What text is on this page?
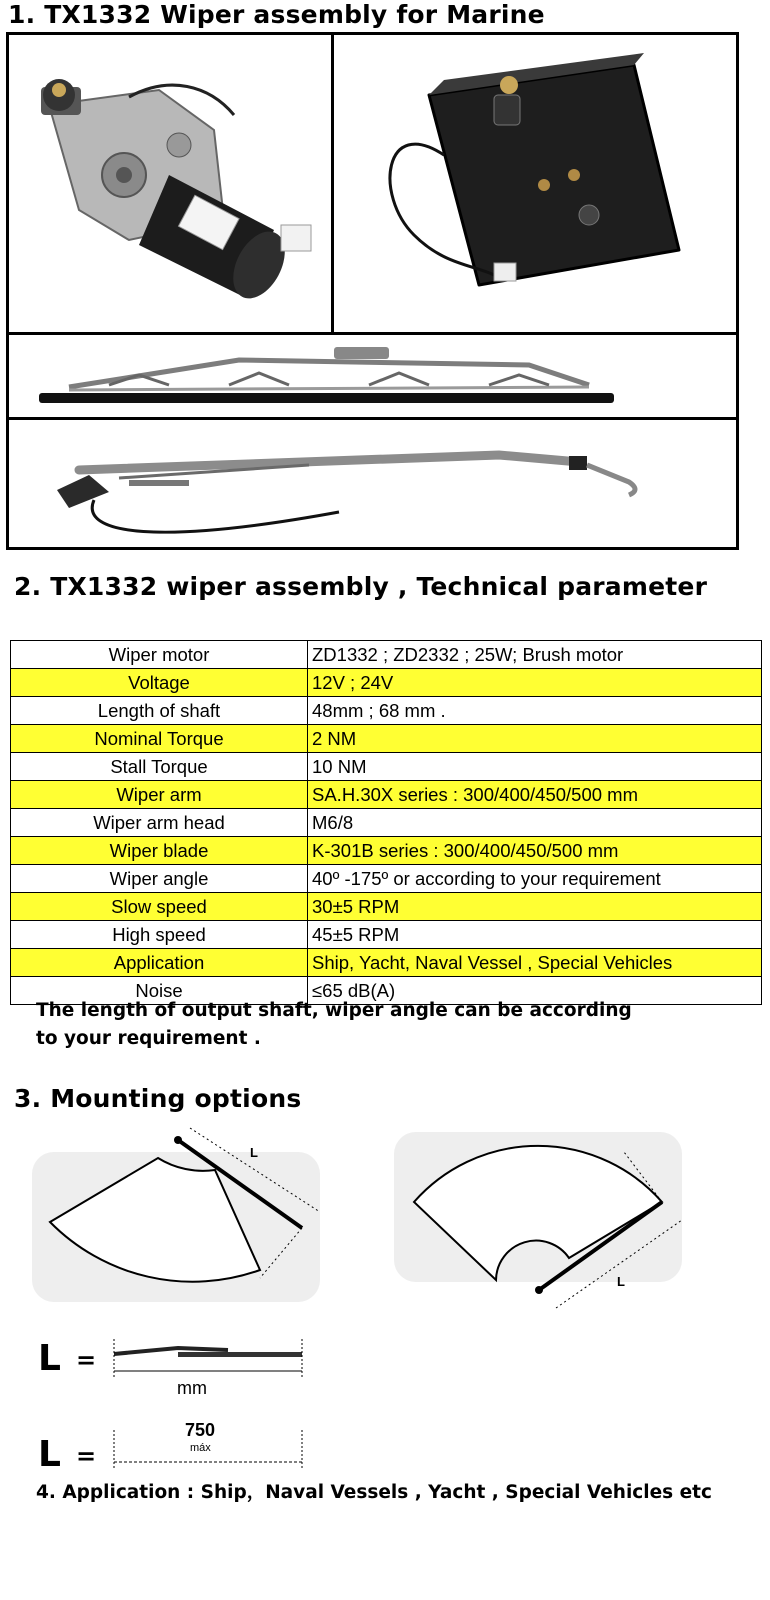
1. TX1332 Wiper assembly for Marine
2. TX1332 wiper assembly , Technical parameter
Wiper motor	ZD1332 ; ZD2332 ; 25W; Brush motor
Voltage	12V ; 24V
Length of shaft	48mm ; 68 mm .
Nominal Torque	2 NM
Stall Torque	10 NM
Wiper arm	SA.H.30X series : 300/400/450/500 mm
Wiper arm head	M6/8
Wiper blade	K-301B series : 300/400/450/500 mm
Wiper angle	40º -175º or according to your requirement
Slow speed	30±5 RPM
High speed	45±5 RPM
Application	Ship, Yacht, Naval Vessel , Special Vehicles
Noise	≤65 dB(A)
The length of output shaft, wiper angle can be according
to your requirement .
3. Mounting options
L
L
L =
mm
L =
750
máx
4. Application : Ship，Naval Vessels , Yacht , Special Vehicles etc
